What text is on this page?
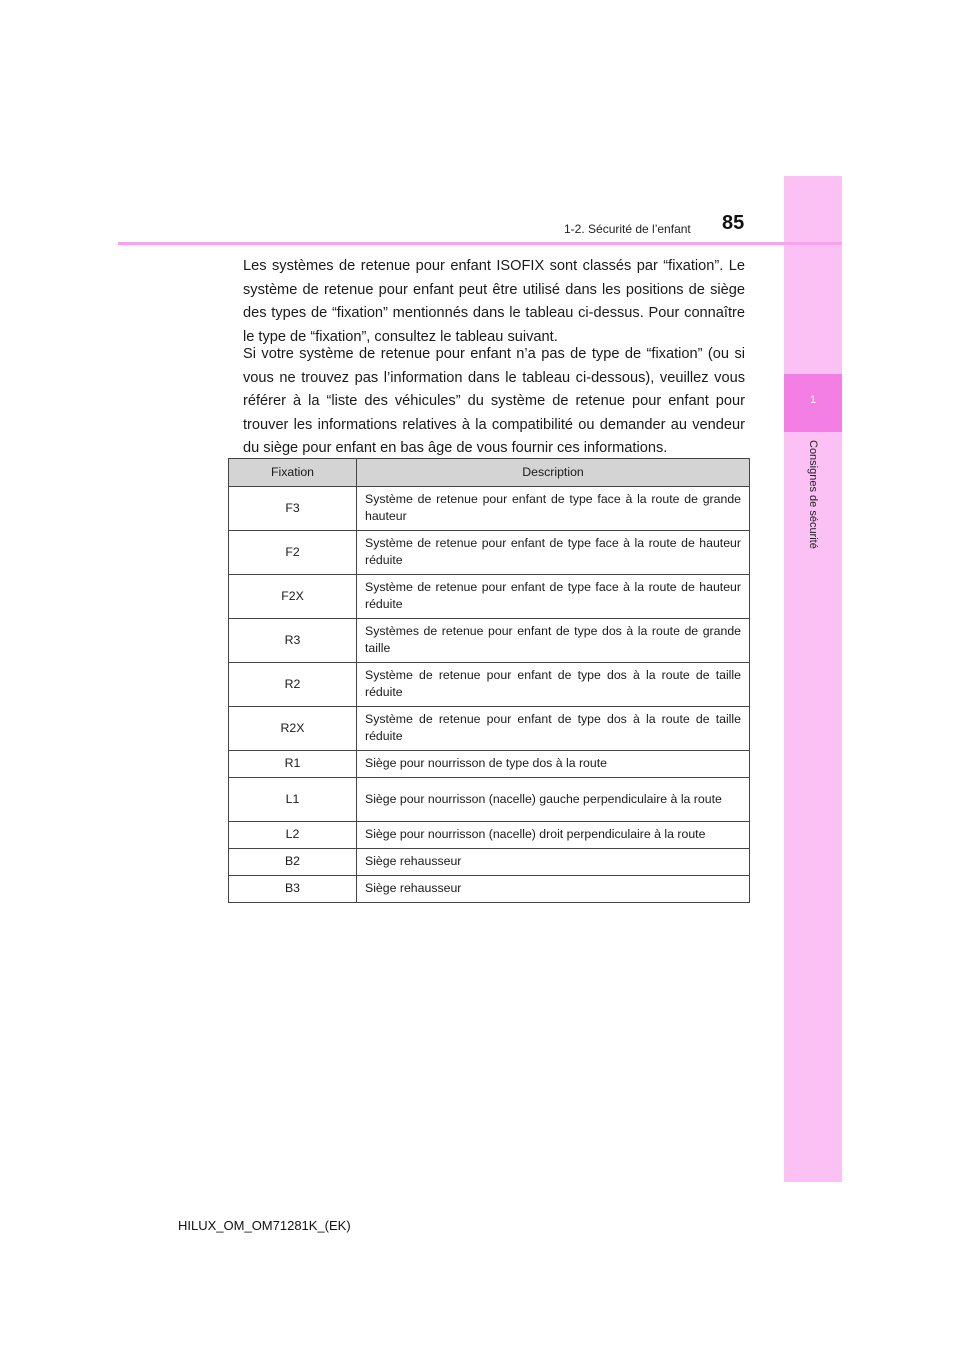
1
Consignes de sécurité
1-2. Sécurité de l’enfant 85

Les systèmes de retenue pour enfant ISOFIX sont classés par “fixation”. Le système de retenue pour enfant peut être utilisé dans les positions de siège des types de “fixation” mentionnés dans le tableau ci-dessus. Pour connaître le type de “fixation”, consultez le tableau suivant.

Si votre système de retenue pour enfant n’a pas de type de “fixation” (ou si vous ne trouvez pas l’information dans le tableau ci-dessous), veuillez vous référer à la “liste des véhicules” du système de retenue pour enfant pour trouver les informations relatives à la compatibilité ou demander au vendeur du siège pour enfant en bas âge de vous fournir ces informations.

Fixation	Description
F3	Système de retenue pour enfant de type face à la route de grande hauteur
F2	Système de retenue pour enfant de type face à la route de hauteur réduite
F2X	Système de retenue pour enfant de type face à la route de hauteur réduite
R3	Systèmes de retenue pour enfant de type dos à la route de grande taille
R2	Système de retenue pour enfant de type dos à la route de taille réduite
R2X	Système de retenue pour enfant de type dos à la route de taille réduite
R1	Siège pour nourrisson de type dos à la route
L1	Siège pour nourrisson (nacelle) gauche perpendiculaire à la route
L2	Siège pour nourrisson (nacelle) droit perpendiculaire à la route
B2	Siège rehausseur
B3	Siège rehausseur
HILUX_OM_OM71281K_(EK)
